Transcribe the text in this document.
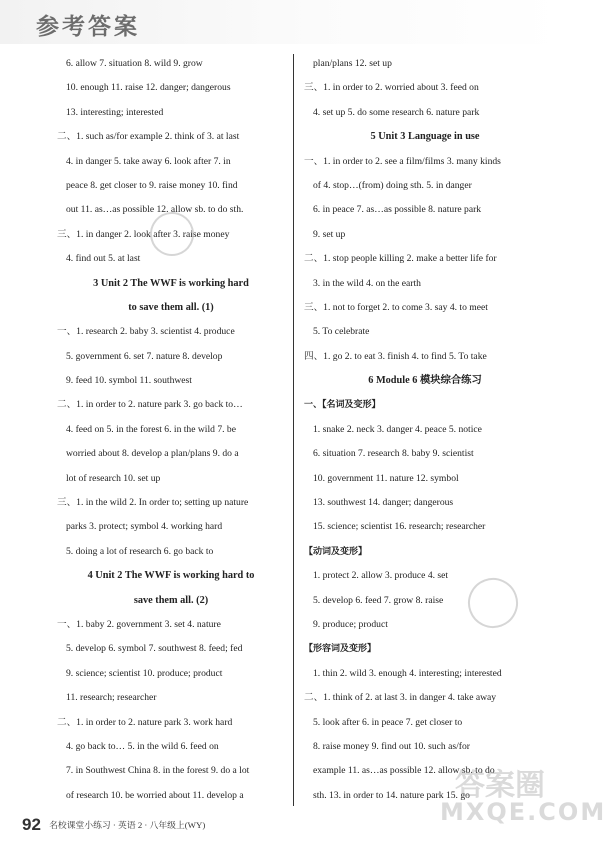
参考答案
6. allow 7. situation 8. wild 9. grow
10. enough 11. raise 12. danger; dangerous
13. interesting; interested
二、1. such as/for example 2. think of 3. at last
4. in danger 5. take away 6. look after 7. in
peace 8. get closer to 9. raise money 10. find
out 11. as…as possible 12. allow sb. to do sth.
三、1. in danger 2. look after 3. raise money
4. find out 5. at last
3 Unit 2 The WWF is working hard
to save them all. (1)
一、1. research 2. baby 3. scientist 4. produce
5. government 6. set 7. nature 8. develop
9. feed 10. symbol 11. southwest
二、1. in order to 2. nature park 3. go back to…
4. feed on 5. in the forest 6. in the wild 7. be
worried about 8. develop a plan/plans 9. do a
lot of research 10. set up
三、1. in the wild 2. In order to; setting up nature
parks 3. protect; symbol 4. working hard
5. doing a lot of research 6. go back to
4 Unit 2 The WWF is working hard to
save them all. (2)
一、1. baby 2. government 3. set 4. nature
5. develop 6. symbol 7. southwest 8. feed; fed
9. science; scientist 10. produce; product
11. research; researcher
二、1. in order to 2. nature park 3. work hard
4. go back to… 5. in the wild 6. feed on
7. in Southwest China 8. in the forest 9. do a lot
of research 10. be worried about 11. develop a
plan/plans 12. set up
三、1. in order to 2. worried about 3. feed on
4. set up 5. do some research 6. nature park
5 Unit 3 Language in use
一、1. in order to 2. see a film/films 3. many kinds
of 4. stop…(from) doing sth. 5. in danger
6. in peace 7. as…as possible 8. nature park
9. set up
二、1. stop people killing 2. make a better life for
3. in the wild 4. on the earth
三、1. not to forget 2. to come 3. say 4. to meet
5. To celebrate
四、1. go 2. to eat 3. finish 4. to find 5. To take
6 Module 6 模块综合练习
一、【名词及变形】
1. snake 2. neck 3. danger 4. peace 5. notice
6. situation 7. research 8. baby 9. scientist
10. government 11. nature 12. symbol
13. southwest 14. danger; dangerous
15. science; scientist 16. research; researcher
【动词及变形】
1. protect 2. allow 3. produce 4. set
5. develop 6. feed 7. grow 8. raise
9. produce; product
【形容词及变形】
1. thin 2. wild 3. enough 4. interesting; interested
二、1. think of 2. at last 3. in danger 4. take away
5. look after 6. in peace 7. get closer to
8. raise money 9. find out 10. such as/for
example 11. as…as possible 12. allow sb. to do
sth. 13. in order to 14. nature park 15. go
答案圈
MXQE.COM
92 名校课堂小练习 · 英语 2 · 八年级上(WY)
